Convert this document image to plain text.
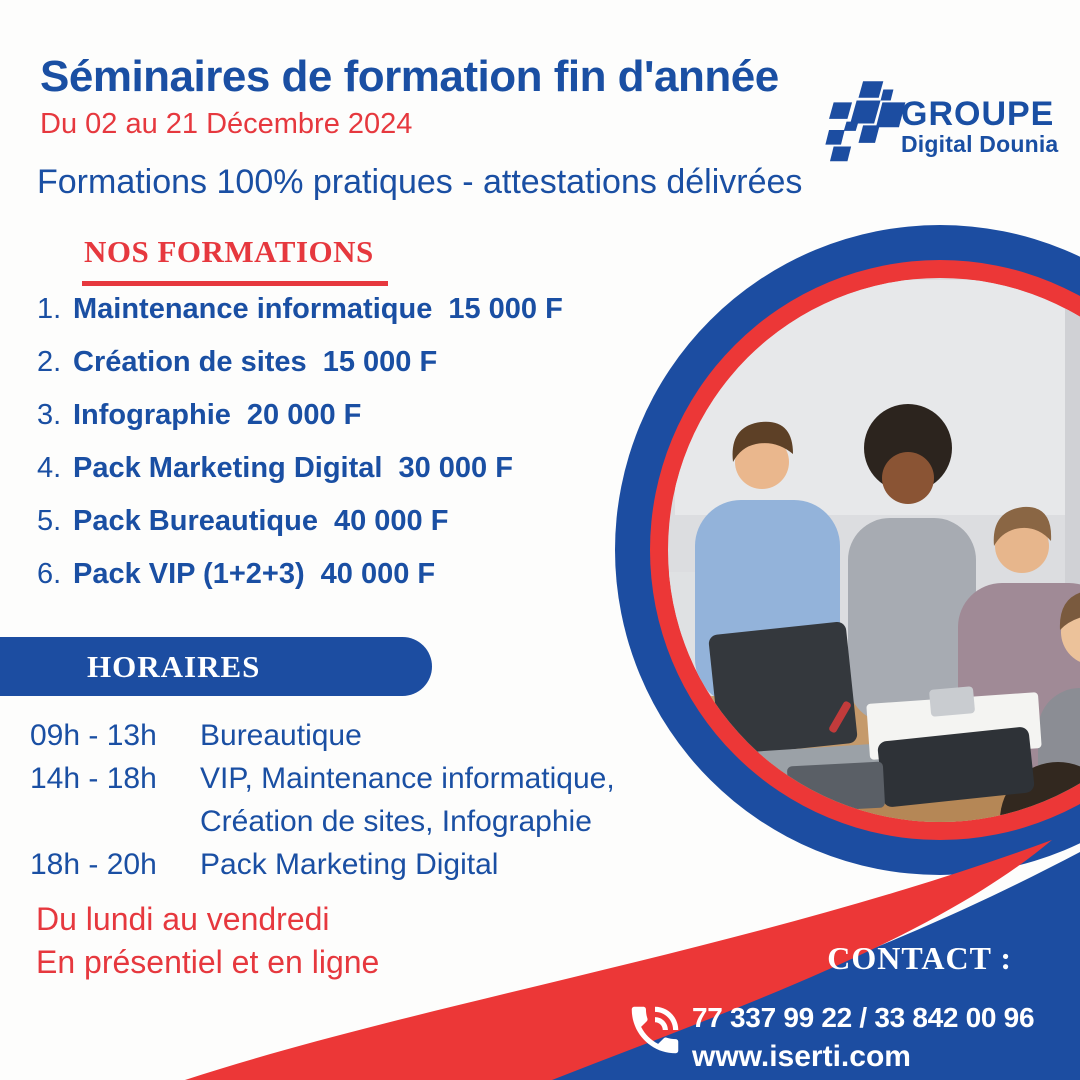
Séminaires de formation fin d'année
Du 02 au 21 Décembre 2024
Formations 100% pratiques - attestations délivrées
GROUPE
Digital Dounia
NOS FORMATIONS
1. Maintenance informatique 15 000 F
2. Création de sites 15 000 F
3. Infographie 20 000 F
4. Pack Marketing Digital 30 000 F
5. Pack Bureautique 40 000 F
6. Pack VIP (1+2+3) 40 000 F
HORAIRES
09h - 13h	Bureautique
14h - 18h	VIP, Maintenance informatique,
Création de sites, Infographie
18h - 20h	Pack Marketing Digital
Du lundi au vendredi
En présentiel et en ligne	CONTACT :
77 337 99 22 / 33 842 00 96
www.iserti.com
